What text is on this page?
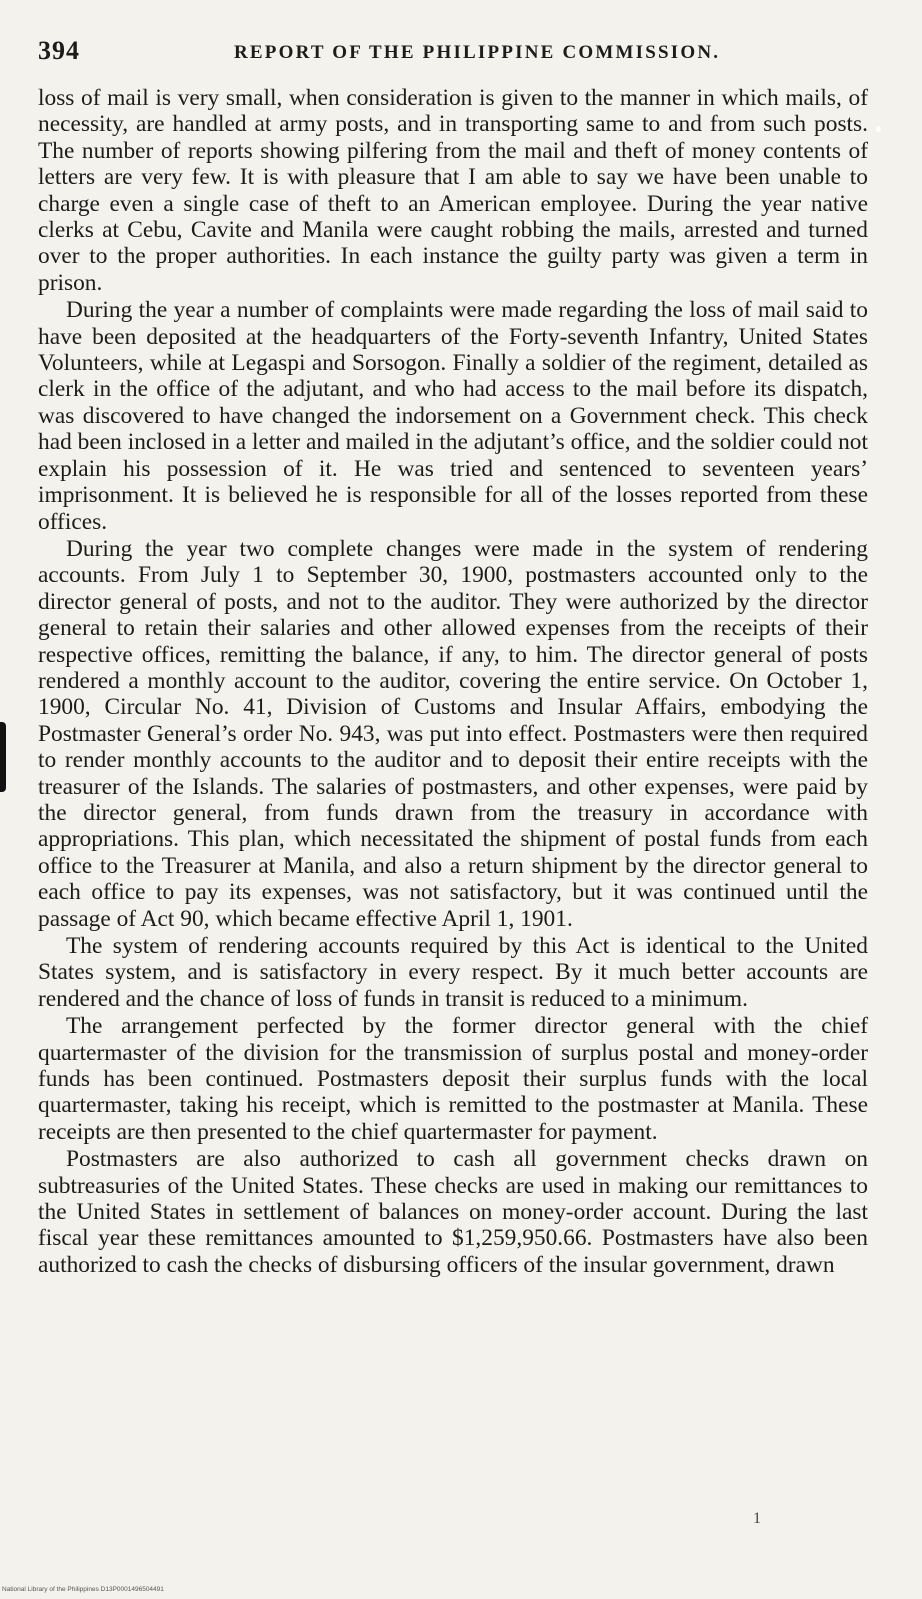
394	REPORT OF THE PHILIPPINE COMMISSION.

loss of mail is very small, when consideration is given to the manner in which mails, of necessity, are handled at army posts, and in transporting same to and from such posts. The number of reports showing pilfering from the mail and theft of money contents of letters are very few. It is with pleasure that I am able to say we have been unable to charge even a single case of theft to an American employee. During the year native clerks at Cebu, Cavite and Manila were caught robbing the mails, arrested and turned over to the proper authorities. In each instance the guilty party was given a term in prison.

During the year a number of complaints were made regarding the loss of mail said to have been deposited at the headquarters of the Forty-seventh Infantry, United States Volunteers, while at Legaspi and Sorsogon. Finally a soldier of the regiment, detailed as clerk in the office of the adjutant, and who had access to the mail before its dispatch, was discovered to have changed the indorsement on a Government check. This check had been inclosed in a letter and mailed in the adjutant’s office, and the soldier could not explain his possession of it. He was tried and sentenced to seventeen years’ imprisonment. It is believed he is responsible for all of the losses reported from these offices.

During the year two complete changes were made in the system of rendering accounts. From July 1 to September 30, 1900, postmasters accounted only to the director general of posts, and not to the auditor. They were authorized by the director general to retain their salaries and other allowed expenses from the receipts of their respective offices, remitting the balance, if any, to him. The director general of posts rendered a monthly account to the auditor, covering the entire service. On October 1, 1900, Circular No. 41, Division of Customs and Insular Affairs, embodying the Postmaster General’s order No. 943, was put into effect. Postmasters were then required to render monthly accounts to the auditor and to deposit their entire receipts with the treasurer of the Islands. The salaries of postmasters, and other expenses, were paid by the director general, from funds drawn from the treasury in accordance with appropriations. This plan, which necessitated the shipment of postal funds from each office to the Treasurer at Manila, and also a return shipment by the director general to each office to pay its expenses, was not satisfactory, but it was continued until the passage of Act 90, which became effective April 1, 1901.

The system of rendering accounts required by this Act is identical to the United States system, and is satisfactory in every respect. By it much better accounts are rendered and the chance of loss of funds in transit is reduced to a minimum.

The arrangement perfected by the former director general with the chief quartermaster of the division for the transmission of surplus postal and money-order funds has been continued. Postmasters deposit their surplus funds with the local quartermaster, taking his receipt, which is remitted to the postmaster at Manila. These receipts are then presented to the chief quartermaster for payment.

Postmasters are also authorized to cash all government checks drawn on subtreasuries of the United States. These checks are used in making our remittances to the United States in settlement of balances on money-order account. During the last fiscal year these remittances amounted to $1,259,950.66. Postmasters have also been authorized to cash the checks of disbursing officers of the insular government, drawn

1
National Library of the Philippines D13P0001496504491
